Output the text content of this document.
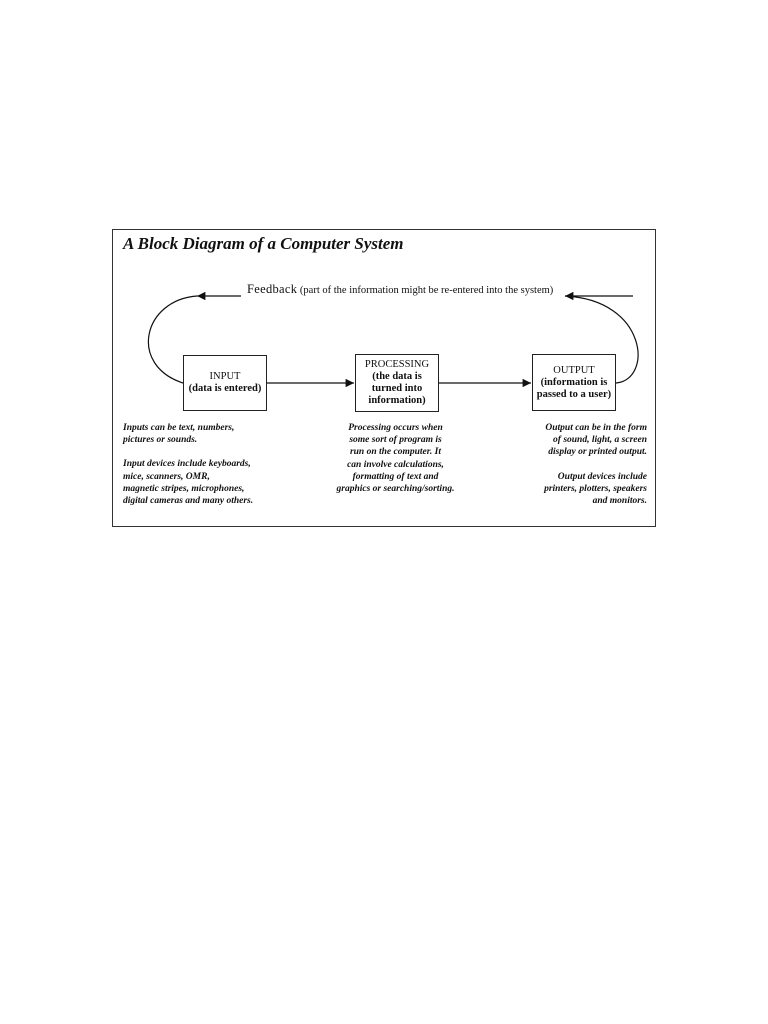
A Block Diagram of a Computer System
Feedback (part of the information might be re-entered into the system)
INPUT
(data is entered)
PROCESSING
(the data is
turned into
information)
OUTPUT
(information is
passed to a user)

Inputs can be text, numbers,

pictures or sounds.

Input devices include keyboards,

mice, scanners, OMR,

magnetic stripes, microphones,

digital cameras and many others.

Processing occurs when

some sort of program is

run on the computer. It

can involve calculations,

formatting of text and

graphics or searching/sorting.

Output can be in the form

of sound, light, a screen

display or printed output.

Output devices include

printers, plotters, speakers

and monitors.
